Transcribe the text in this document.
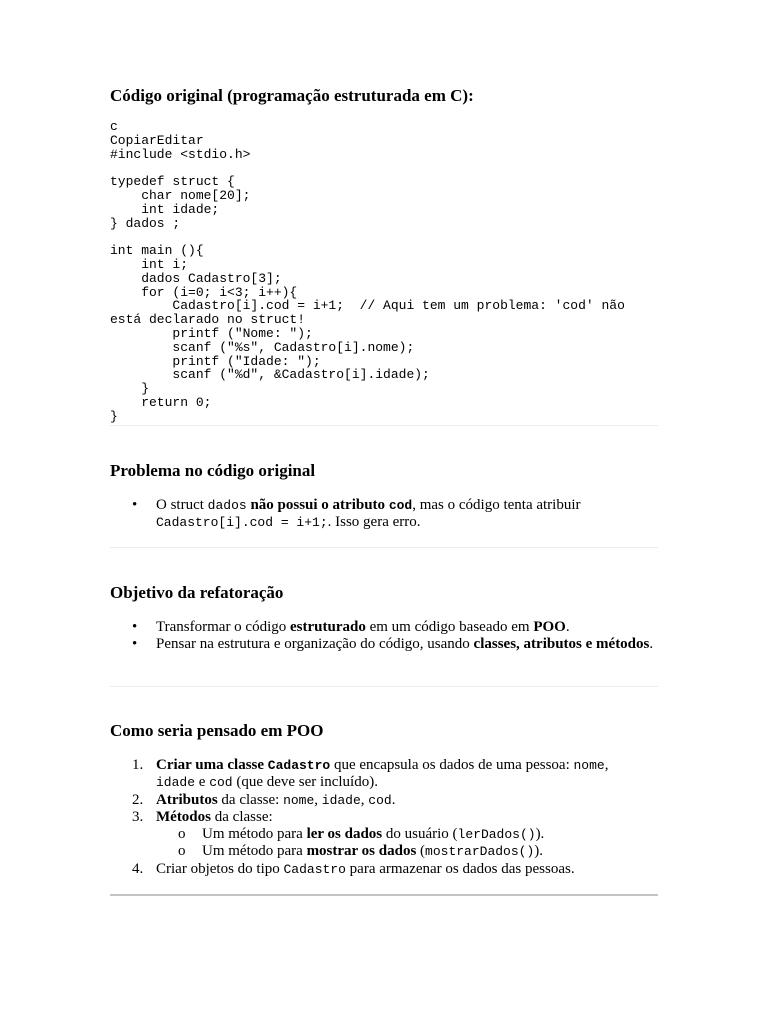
Código original (programação estruturada em C):
c
CopiarEditar
#include <stdio.h>

typedef struct {
char nome[20];
int idade;
} dados ;

int main (){
int i;
dados Cadastro[3];
for (i=0; i<3; i++){
Cadastro[i].cod = i+1;  // Aqui tem um problema: 'cod' não
está declarado no struct!
printf ("Nome: ");
scanf ("%s", Cadastro[i].nome);
printf ("Idade: ");
scanf ("%d", &Cadastro[i].idade);
}
return 0;
}
Problema no código original
• O struct dados não possui o atributo cod, mas o código tenta atribuir
Cadastro[i].cod = i+1;. Isso gera erro.
Objetivo da refatoração
• Transformar o código estruturado em um código baseado em POO.
• Pensar na estrutura e organização do código, usando classes, atributos e métodos.
Como seria pensado em POO
1. Criar uma classe Cadastro que encapsula os dados de uma pessoa: nome,
idade e cod (que deve ser incluído).
2. Atributos da classe: nome, idade, cod.
3. Métodos da classe:
o Um método para ler os dados do usuário (lerDados()).
o Um método para mostrar os dados (mostrarDados()).
4. Criar objetos do tipo Cadastro para armazenar os dados das pessoas.
